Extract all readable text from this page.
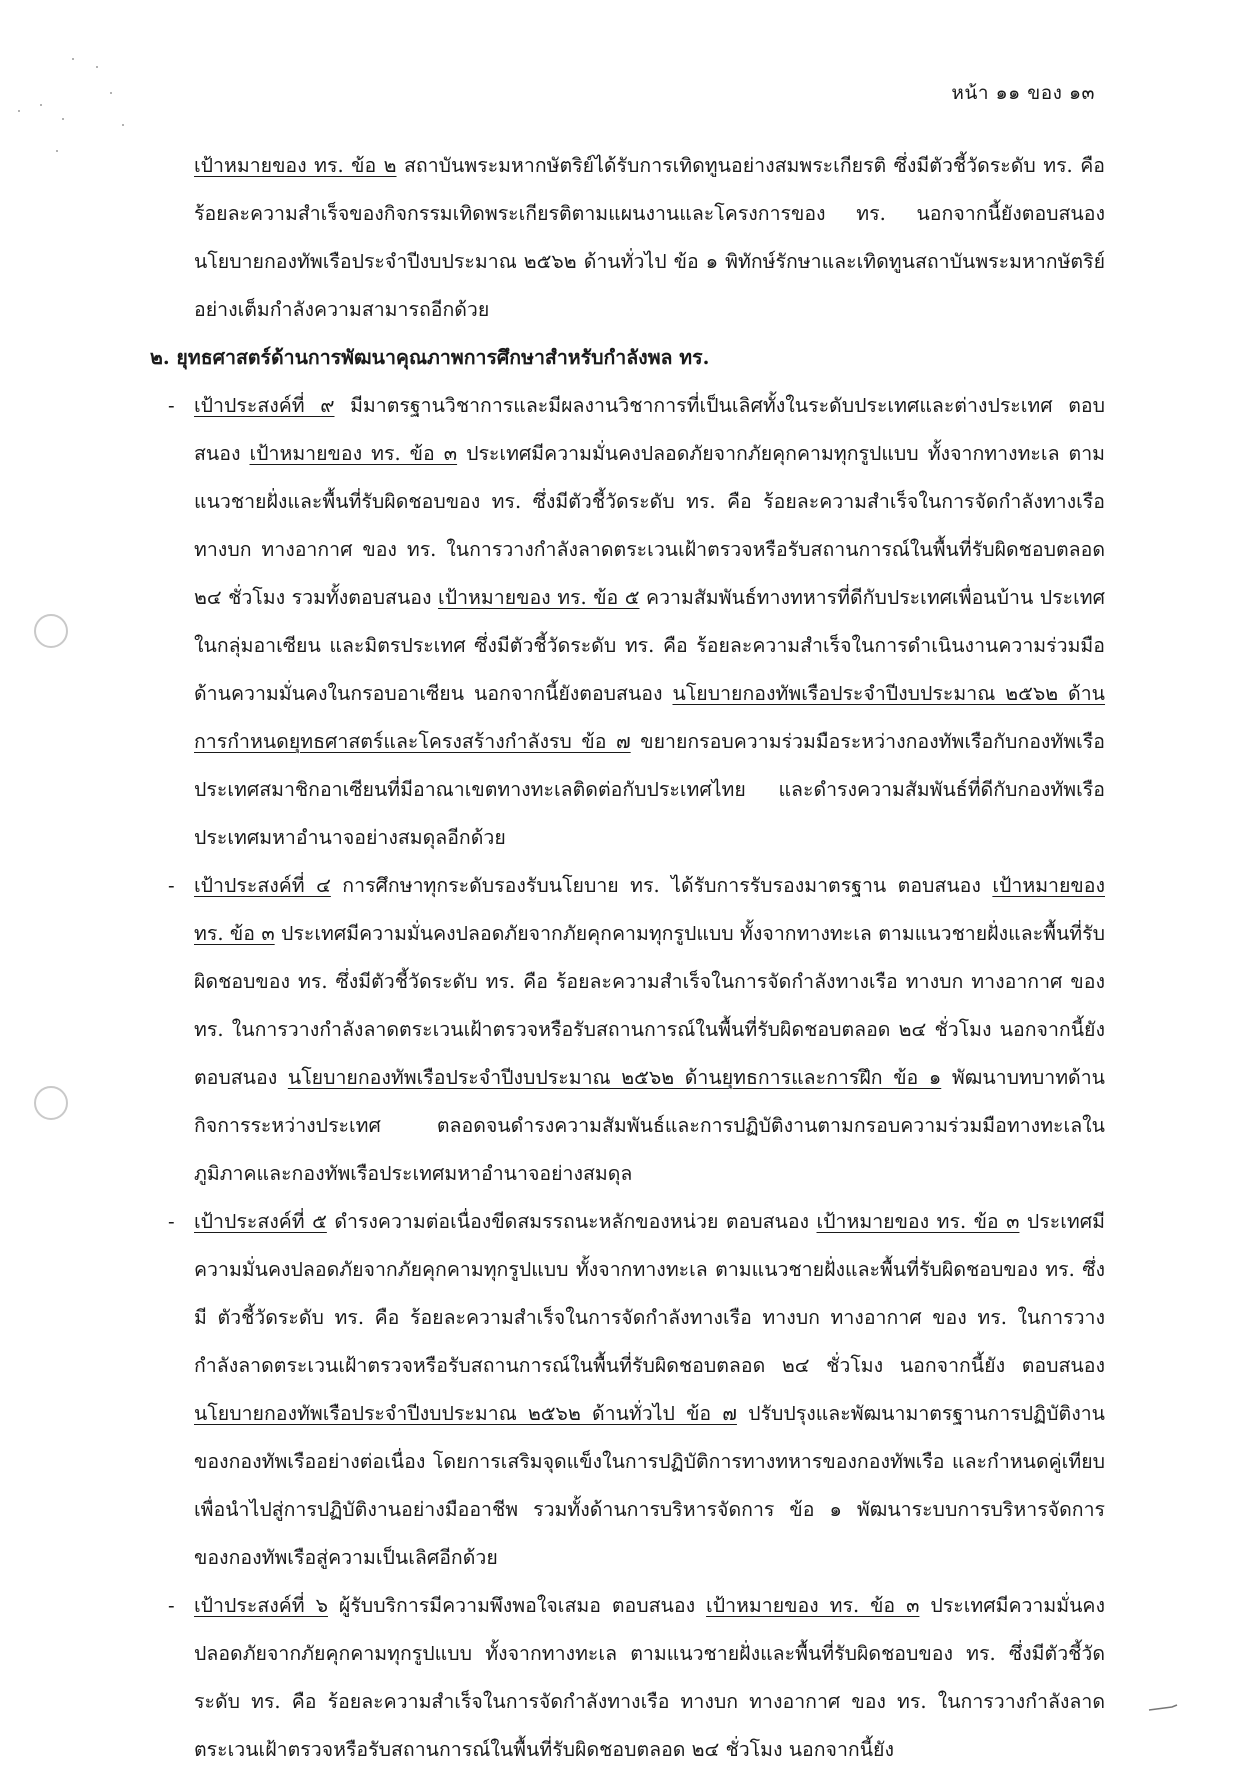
หน้า ๑๑ ของ ๑๓
เป้าหมายของ ทร. ข้อ ๒ สถาบันพระมหากษัตริย์ได้รับการเทิดทูนอย่างสมพระเกียรติ ซึ่งมีตัวชี้วัดระดับ ทร. คือ ร้อยละความสำเร็จของกิจกรรมเทิดพระเกียรติตามแผนงานและโครงการของ ทร. นอกจากนี้ยังตอบสนอง นโยบายกองทัพเรือประจำปีงบประมาณ ๒๕๖๒ ด้านทั่วไป ข้อ ๑ พิทักษ์รักษาและเทิดทูนสถาบันพระมหากษัตริย์อย่างเต็มกำลังความสามารถอีกด้วย
๒. ยุทธศาสตร์ด้านการพัฒนาคุณภาพการศึกษาสำหรับกำลังพล ทร.
- เป้าประสงค์ที่ ๙ มีมาตรฐานวิชาการและมีผลงานวิชาการที่เป็นเลิศทั้งในระดับประเทศและต่างประเทศ ตอบสนอง เป้าหมายของ ทร. ข้อ ๓ ประเทศมีความมั่นคงปลอดภัยจากภัยคุกคามทุกรูปแบบ ทั้งจากทางทะเล ตามแนวชายฝั่งและพื้นที่รับผิดชอบของ ทร. ซึ่งมีตัวชี้วัดระดับ ทร. คือ ร้อยละความสำเร็จในการจัดกำลังทางเรือ ทางบก ทางอากาศ ของ ทร. ในการวางกำลังลาดตระเวนเฝ้าตรวจหรือรับสถานการณ์ในพื้นที่รับผิดชอบตลอด ๒๔ ชั่วโมง รวมทั้งตอบสนอง เป้าหมายของ ทร. ข้อ ๕ ความสัมพันธ์ทางทหารที่ดีกับประเทศเพื่อนบ้าน ประเทศในกลุ่มอาเซียน และมิตรประเทศ ซึ่งมีตัวชี้วัดระดับ ทร. คือ ร้อยละความสำเร็จในการดำเนินงานความร่วมมือด้านความมั่นคงในกรอบอาเซียน นอกจากนี้ยังตอบสนอง นโยบายกองทัพเรือประจำปีงบประมาณ ๒๕๖๒ ด้านการกำหนดยุทธศาสตร์และโครงสร้างกำลังรบ ข้อ ๗ ขยายกรอบความร่วมมือระหว่างกองทัพเรือกับกองทัพเรือประเทศสมาชิกอาเซียนที่มีอาณาเขตทางทะเลติดต่อกับประเทศไทย และดำรงความสัมพันธ์ที่ดีกับกองทัพเรือประเทศมหาอำนาจอย่างสมดุลอีกด้วย
- เป้าประสงค์ที่ ๔ การศึกษาทุกระดับรองรับนโยบาย ทร. ได้รับการรับรองมาตรฐาน ตอบสนอง เป้าหมายของ ทร. ข้อ ๓ ประเทศมีความมั่นคงปลอดภัยจากภัยคุกคามทุกรูปแบบ ทั้งจากทางทะเล ตามแนวชายฝั่งและพื้นที่รับผิดชอบของ ทร. ซึ่งมีตัวชี้วัดระดับ ทร. คือ ร้อยละความสำเร็จในการจัดกำลังทางเรือ ทางบก ทางอากาศ ของ ทร. ในการวางกำลังลาดตระเวนเฝ้าตรวจหรือรับสถานการณ์ในพื้นที่รับผิดชอบตลอด ๒๔ ชั่วโมง นอกจากนี้ยังตอบสนอง นโยบายกองทัพเรือประจำปีงบประมาณ ๒๕๖๒ ด้านยุทธการและการฝึก ข้อ ๑ พัฒนาบทบาทด้านกิจการระหว่างประเทศ ตลอดจนดำรงความสัมพันธ์และการปฏิบัติงานตามกรอบความร่วมมือทางทะเลในภูมิภาคและกองทัพเรือประเทศมหาอำนาจอย่างสมดุล
- เป้าประสงค์ที่ ๕ ดำรงความต่อเนื่องขีดสมรรถนะหลักของหน่วย ตอบสนอง เป้าหมายของ ทร. ข้อ ๓ ประเทศมีความมั่นคงปลอดภัยจากภัยคุกคามทุกรูปแบบ ทั้งจากทางทะเล ตามแนวชายฝั่งและพื้นที่รับผิดชอบของ ทร. ซึ่งมี ตัวชี้วัดระดับ ทร. คือ ร้อยละความสำเร็จในการจัดกำลังทางเรือ ทางบก ทางอากาศ ของ ทร. ในการวางกำลังลาดตระเวนเฝ้าตรวจหรือรับสถานการณ์ในพื้นที่รับผิดชอบตลอด ๒๔ ชั่วโมง นอกจากนี้ยัง ตอบสนอง นโยบายกองทัพเรือประจำปีงบประมาณ ๒๕๖๒ ด้านทั่วไป ข้อ ๗ ปรับปรุงและพัฒนามาตรฐานการปฏิบัติงานของกองทัพเรืออย่างต่อเนื่อง โดยการเสริมจุดแข็งในการปฏิบัติการทางทหารของกองทัพเรือ และกำหนดคู่เทียบ เพื่อนำไปสู่การปฏิบัติงานอย่างมืออาชีพ รวมทั้งด้านการบริหารจัดการ ข้อ ๑ พัฒนาระบบการบริหารจัดการของกองทัพเรือสู่ความเป็นเลิศอีกด้วย
- เป้าประสงค์ที่ ๖ ผู้รับบริการมีความพึงพอใจเสมอ ตอบสนอง เป้าหมายของ ทร. ข้อ ๓ ประเทศมีความมั่นคงปลอดภัยจากภัยคุกคามทุกรูปแบบ ทั้งจากทางทะเล ตามแนวชายฝั่งและพื้นที่รับผิดชอบของ ทร. ซึ่งมีตัวชี้วัดระดับ ทร. คือ ร้อยละความสำเร็จในการจัดกำลังทางเรือ ทางบก ทางอากาศ ของ ทร. ในการวางกำลังลาดตระเวนเฝ้าตรวจหรือรับสถานการณ์ในพื้นที่รับผิดชอบตลอด ๒๔ ชั่วโมง นอกจากนี้ยัง
